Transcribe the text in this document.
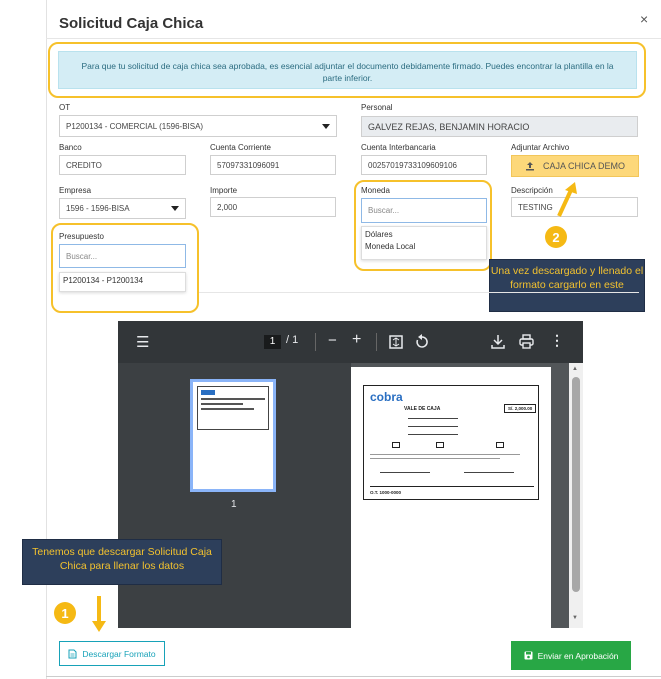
Solicitud Caja Chica	×
Para que tu solicitud de caja chica sea aprobada, es esencial adjuntar el documento debidamente firmado. Puedes encontrar la plantilla en la parte inferior.
OT
P1200134 - COMERCIAL (1596-BISA)
Personal
GALVEZ REJAS, BENJAMIN HORACIO
Banco
CREDITO
Cuenta Corriente
57097331096091
Cuenta Interbancaria
00257019733109609106
Adjuntar Archivo
CAJA CHICA DEMO
Empresa
1596 - 1596-BISA
Importe
2,000
Moneda
Buscar...
Dólares
Moneda Local
Descripción
TESTING
2
Una vez descargado y llenado el formato cargarlo en este
Presupuesto
Buscar...
P1200134 - P1200134
☰	1 / 1 − +	⋮
1
cobra
VALE DE CAJA	S/. 2,000.00
O.T. 1000-0000
▲
▼
Tenemos que descargar Solicitud Caja Chica para llenar los datos
1
Descargar Formato	Enviar en Aprobación
